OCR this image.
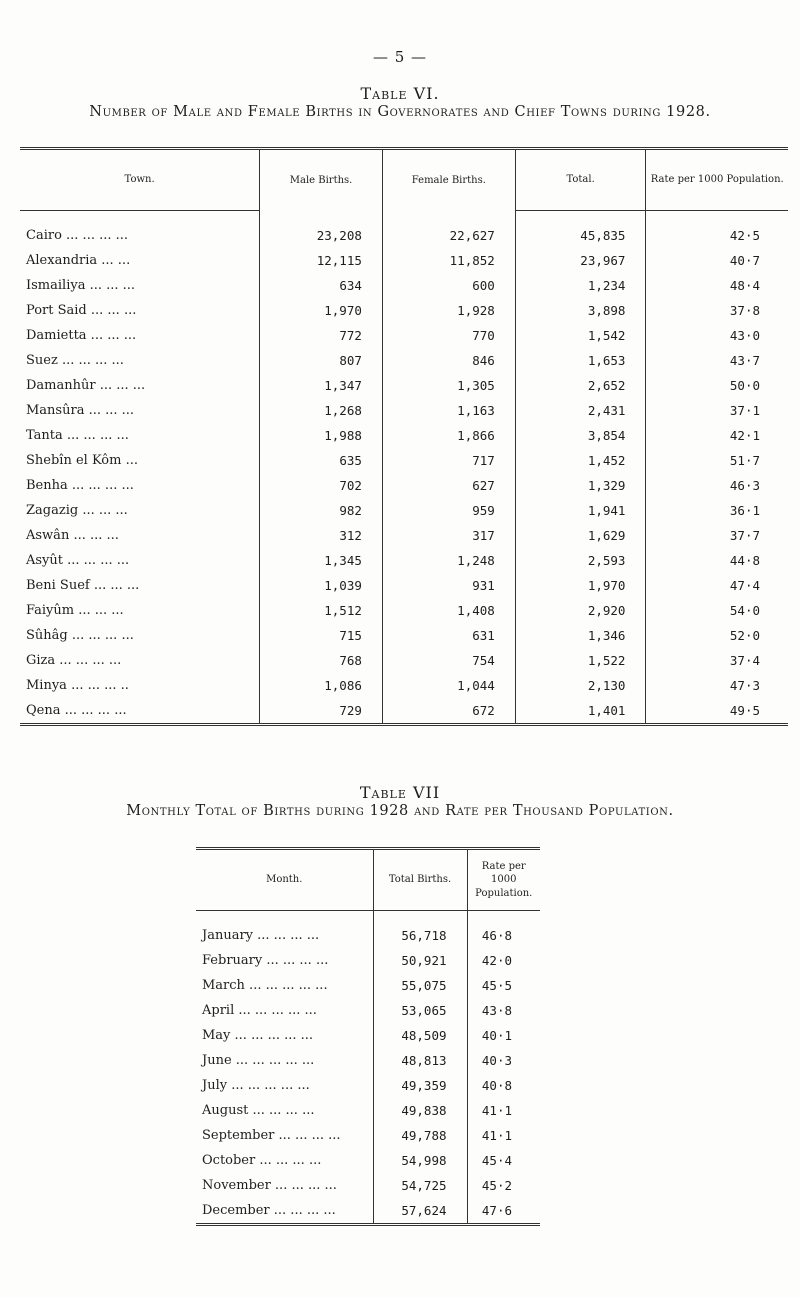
— 5 —
Table VI.
Number of Male and Female Births in Governorates and Chief Towns during 1928.
Town.	Male Births.	Female Births.	Total.	Rate per 1000 Population.

Cairo ... ... ... ...	23,208	22,627	45,835	42·5
Alexandria ... ...	12,115	11,852	23,967	40·7
Ismailiya ... ... ...	634	600	1,234	48·4
Port Said ... ... ...	1,970	1,928	3,898	37·8
Damietta ... ... ...	772	770	1,542	43·0
Suez ... ... ... ...	807	846	1,653	43·7
Damanhûr ... ... ...	1,347	1,305	2,652	50·0
Mansûra ... ... ...	1,268	1,163	2,431	37·1
Tanta ... ... ... ...	1,988	1,866	3,854	42·1
Shebîn el Kôm ...	635	717	1,452	51·7
Benha ... ... ... ...	702	627	1,329	46·3
Zagazig ... ... ...	982	959	1,941	36·1
Aswân ... ... ...	312	317	1,629	37·7
Asyût ... ... ... ...	1,345	1,248	2,593	44·8
Beni Suef ... ... ...	1,039	931	1,970	47·4
Faiyûm ... ... ...	1,512	1,408	2,920	54·0
Sûhâg ... ... ... ...	715	631	1,346	52·0
Giza ... ... ... ...	768	754	1,522	37·4
Minya ... ... ... ..	1,086	1,044	2,130	47·3
Qena ... ... ... ...	729	672	1,401	49·5
Table VII
Monthly Total of Births during 1928 and Rate per Thousand Population.
Month.	Total Births.	Rate per 1000 Population.

January ... ... ... ...	56,718	46·8
February ... ... ... ...	50,921	42·0
March ... ... ... ... ...	55,075	45·5
April ... ... ... ... ...	53,065	43·8
May ... ... ... ... ...	48,509	40·1
June ... ... ... ... ...	48,813	40·3
July ... ... ... ... ...	49,359	40·8
August ... ... ... ...	49,838	41·1
September ... ... ... ...	49,788	41·1
October ... ... ... ...	54,998	45·4
November ... ... ... ...	54,725	45·2
December ... ... ... ...	57,624	47·6
